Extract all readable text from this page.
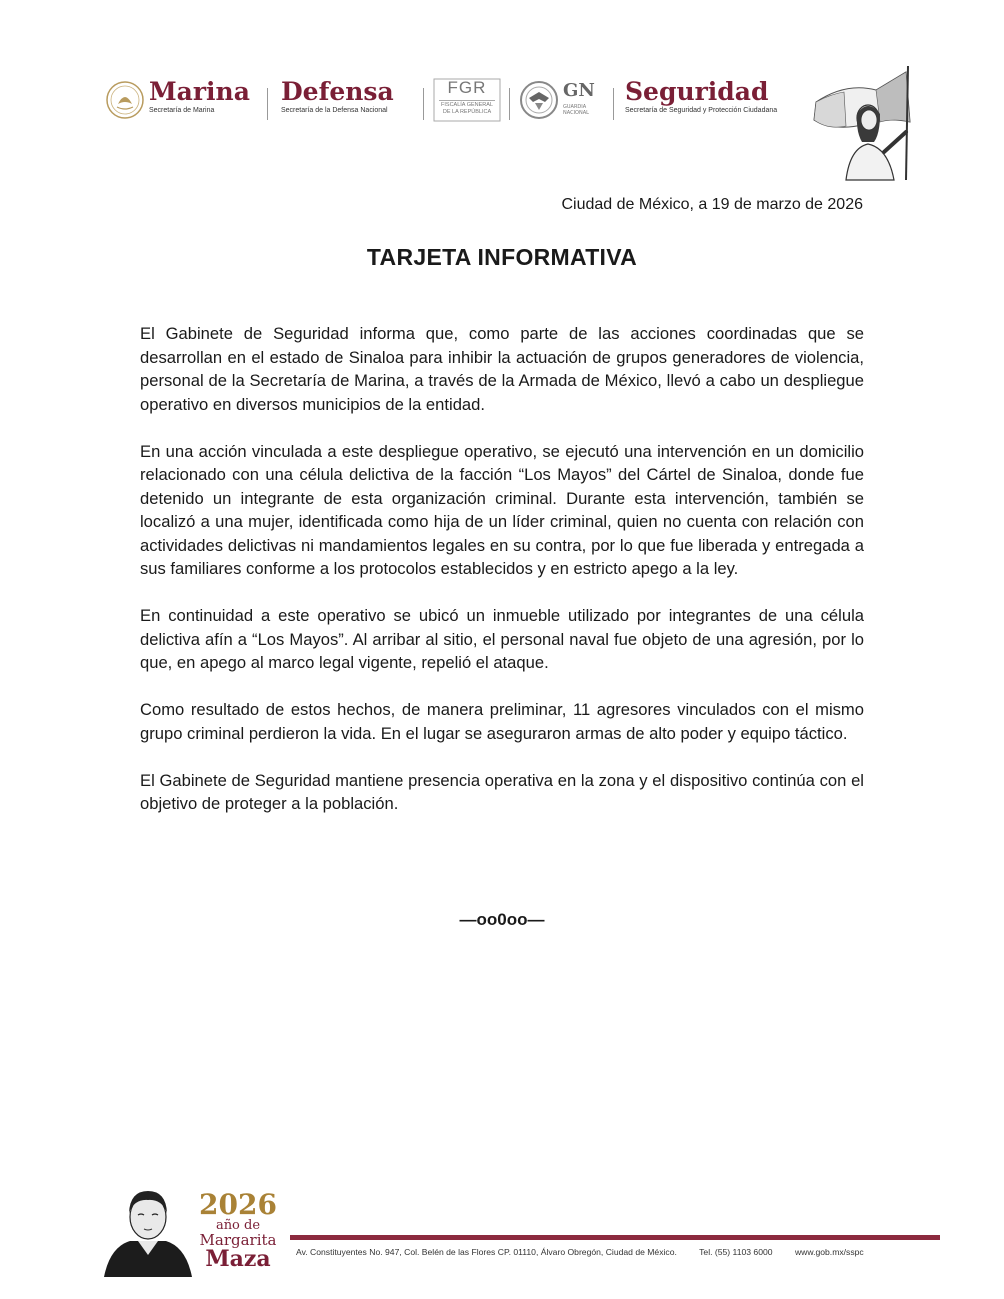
Marina
Secretaría de Marina
Defensa
Secretaría de la Defensa Nacional
FGR
FISCALÍA GENERAL
DE LA REPÚBLICA
GN
GUARDIA
NACIONAL
Seguridad
Secretaría de Seguridad y Protección Ciudadana
Ciudad de México, a 19 de marzo de 2026
TARJETA INFORMATIVA

El Gabinete de Seguridad informa que, como parte de las acciones coordinadas que se desarrollan en el estado de Sinaloa para inhibir la actuación de grupos generadores de violencia, personal de la Secretaría de Marina, a través de la Armada de México, llevó a cabo un despliegue operativo en diversos municipios de la entidad.

En una acción vinculada a este despliegue operativo, se ejecutó una intervención en un domicilio relacionado con una célula delictiva de la facción “Los Mayos” del Cártel de Sinaloa, donde fue detenido un integrante de esta organización criminal. Durante esta intervención, también se localizó a una mujer, identificada como hija de un líder criminal, quien no cuenta con relación con actividades delictivas ni mandamientos legales en su contra, por lo que fue liberada y entregada a sus familiares conforme a los protocolos establecidos y en estricto apego a la ley.

En continuidad a este operativo se ubicó un inmueble utilizado por integrantes de una célula delictiva afín a “Los Mayos”. Al arribar al sitio, el personal naval fue objeto de una agresión, por lo que, en apego al marco legal vigente, repelió el ataque.

Como resultado de estos hechos, de manera preliminar, 11 agresores vinculados con el mismo grupo criminal perdieron la vida. En el lugar se aseguraron armas de alto poder y equipo táctico.

El Gabinete de Seguridad mantiene presencia operativa en la zona y el dispositivo continúa con el objetivo de proteger a la población.

—oo0oo—
2026
año de
Margarita
Maza	Av. Constituyentes No. 947, Col. Belén de las Flores CP. 01110, Álvaro Obregón, Ciudad de México.	Tel. (55) 1103 6000	www.gob.mx/sspc
